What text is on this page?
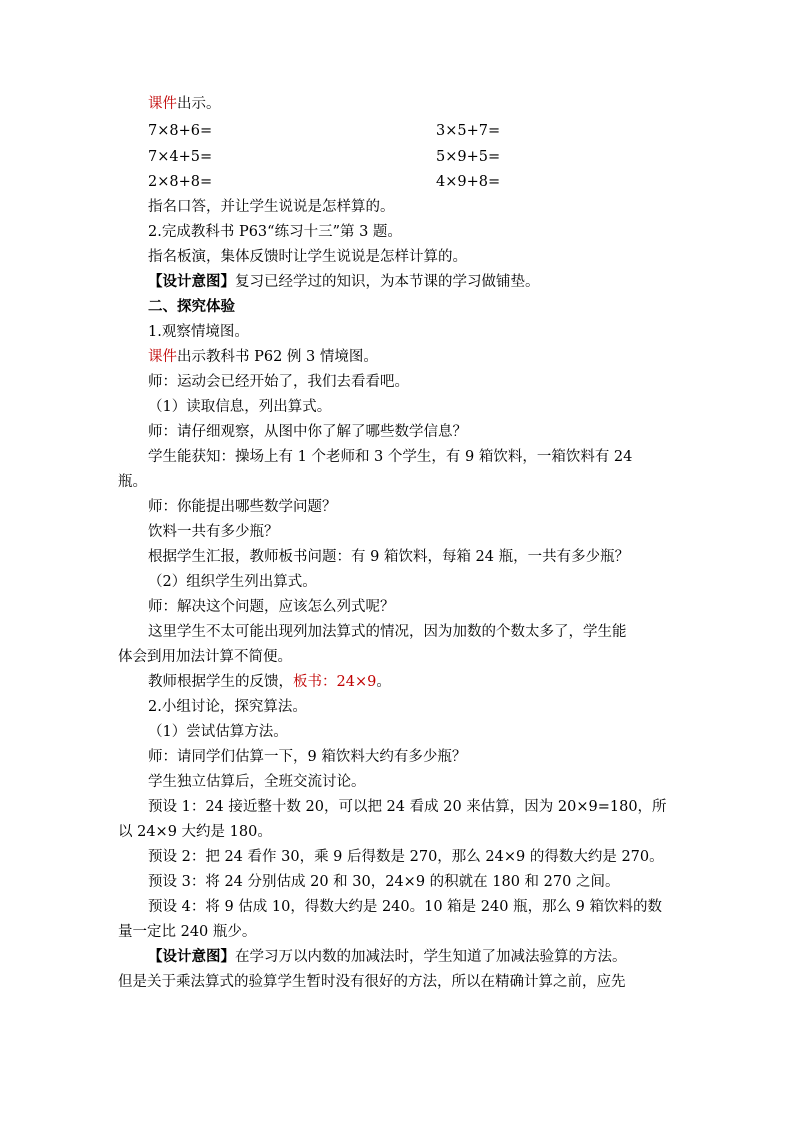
课件出示。
7×8+6=	3×5+7=
7×4+5=	5×9+5=
2×8+8=	4×9+8=
指名口答，并让学生说说是怎样算的。
2.完成教科书 P63“练习十三”第 3 题。
指名板演，集体反馈时让学生说说是怎样计算的。
【设计意图】复习已经学过的知识，为本节课的学习做铺垫。
二、探究体验
1.观察情境图。
课件出示教科书 P62 例 3 情境图。
师：运动会已经开始了，我们去看看吧。
（1）读取信息，列出算式。
师：请仔细观察，从图中你了解了哪些数学信息？
学生能获知：操场上有 1 个老师和 3 个学生，有 9 箱饮料，一箱饮料有 24
瓶。
师：你能提出哪些数学问题？
饮料一共有多少瓶？
根据学生汇报，教师板书问题：有 9 箱饮料，每箱 24 瓶，一共有多少瓶？
（2）组织学生列出算式。
师：解决这个问题，应该怎么列式呢？
这里学生不太可能出现列加法算式的情况，因为加数的个数太多了，学生能
体会到用加法计算不简便。
教师根据学生的反馈，板书：24×9。
2.小组讨论，探究算法。
（1）尝试估算方法。
师：请同学们估算一下，9 箱饮料大约有多少瓶？
学生独立估算后，全班交流讨论。
预设 1：24 接近整十数 20，可以把 24 看成 20 来估算，因为 20×9=180，所
以 24×9 大约是 180。
预设 2：把 24 看作 30，乘 9 后得数是 270，那么 24×9 的得数大约是 270。
预设 3：将 24 分别估成 20 和 30，24×9 的积就在 180 和 270 之间。
预设 4：将 9 估成 10，得数大约是 240。10 箱是 240 瓶，那么 9 箱饮料的数
量一定比 240 瓶少。
【设计意图】在学习万以内数的加减法时，学生知道了加减法验算的方法。
但是关于乘法算式的验算学生暂时没有很好的方法，所以在精确计算之前，应先
